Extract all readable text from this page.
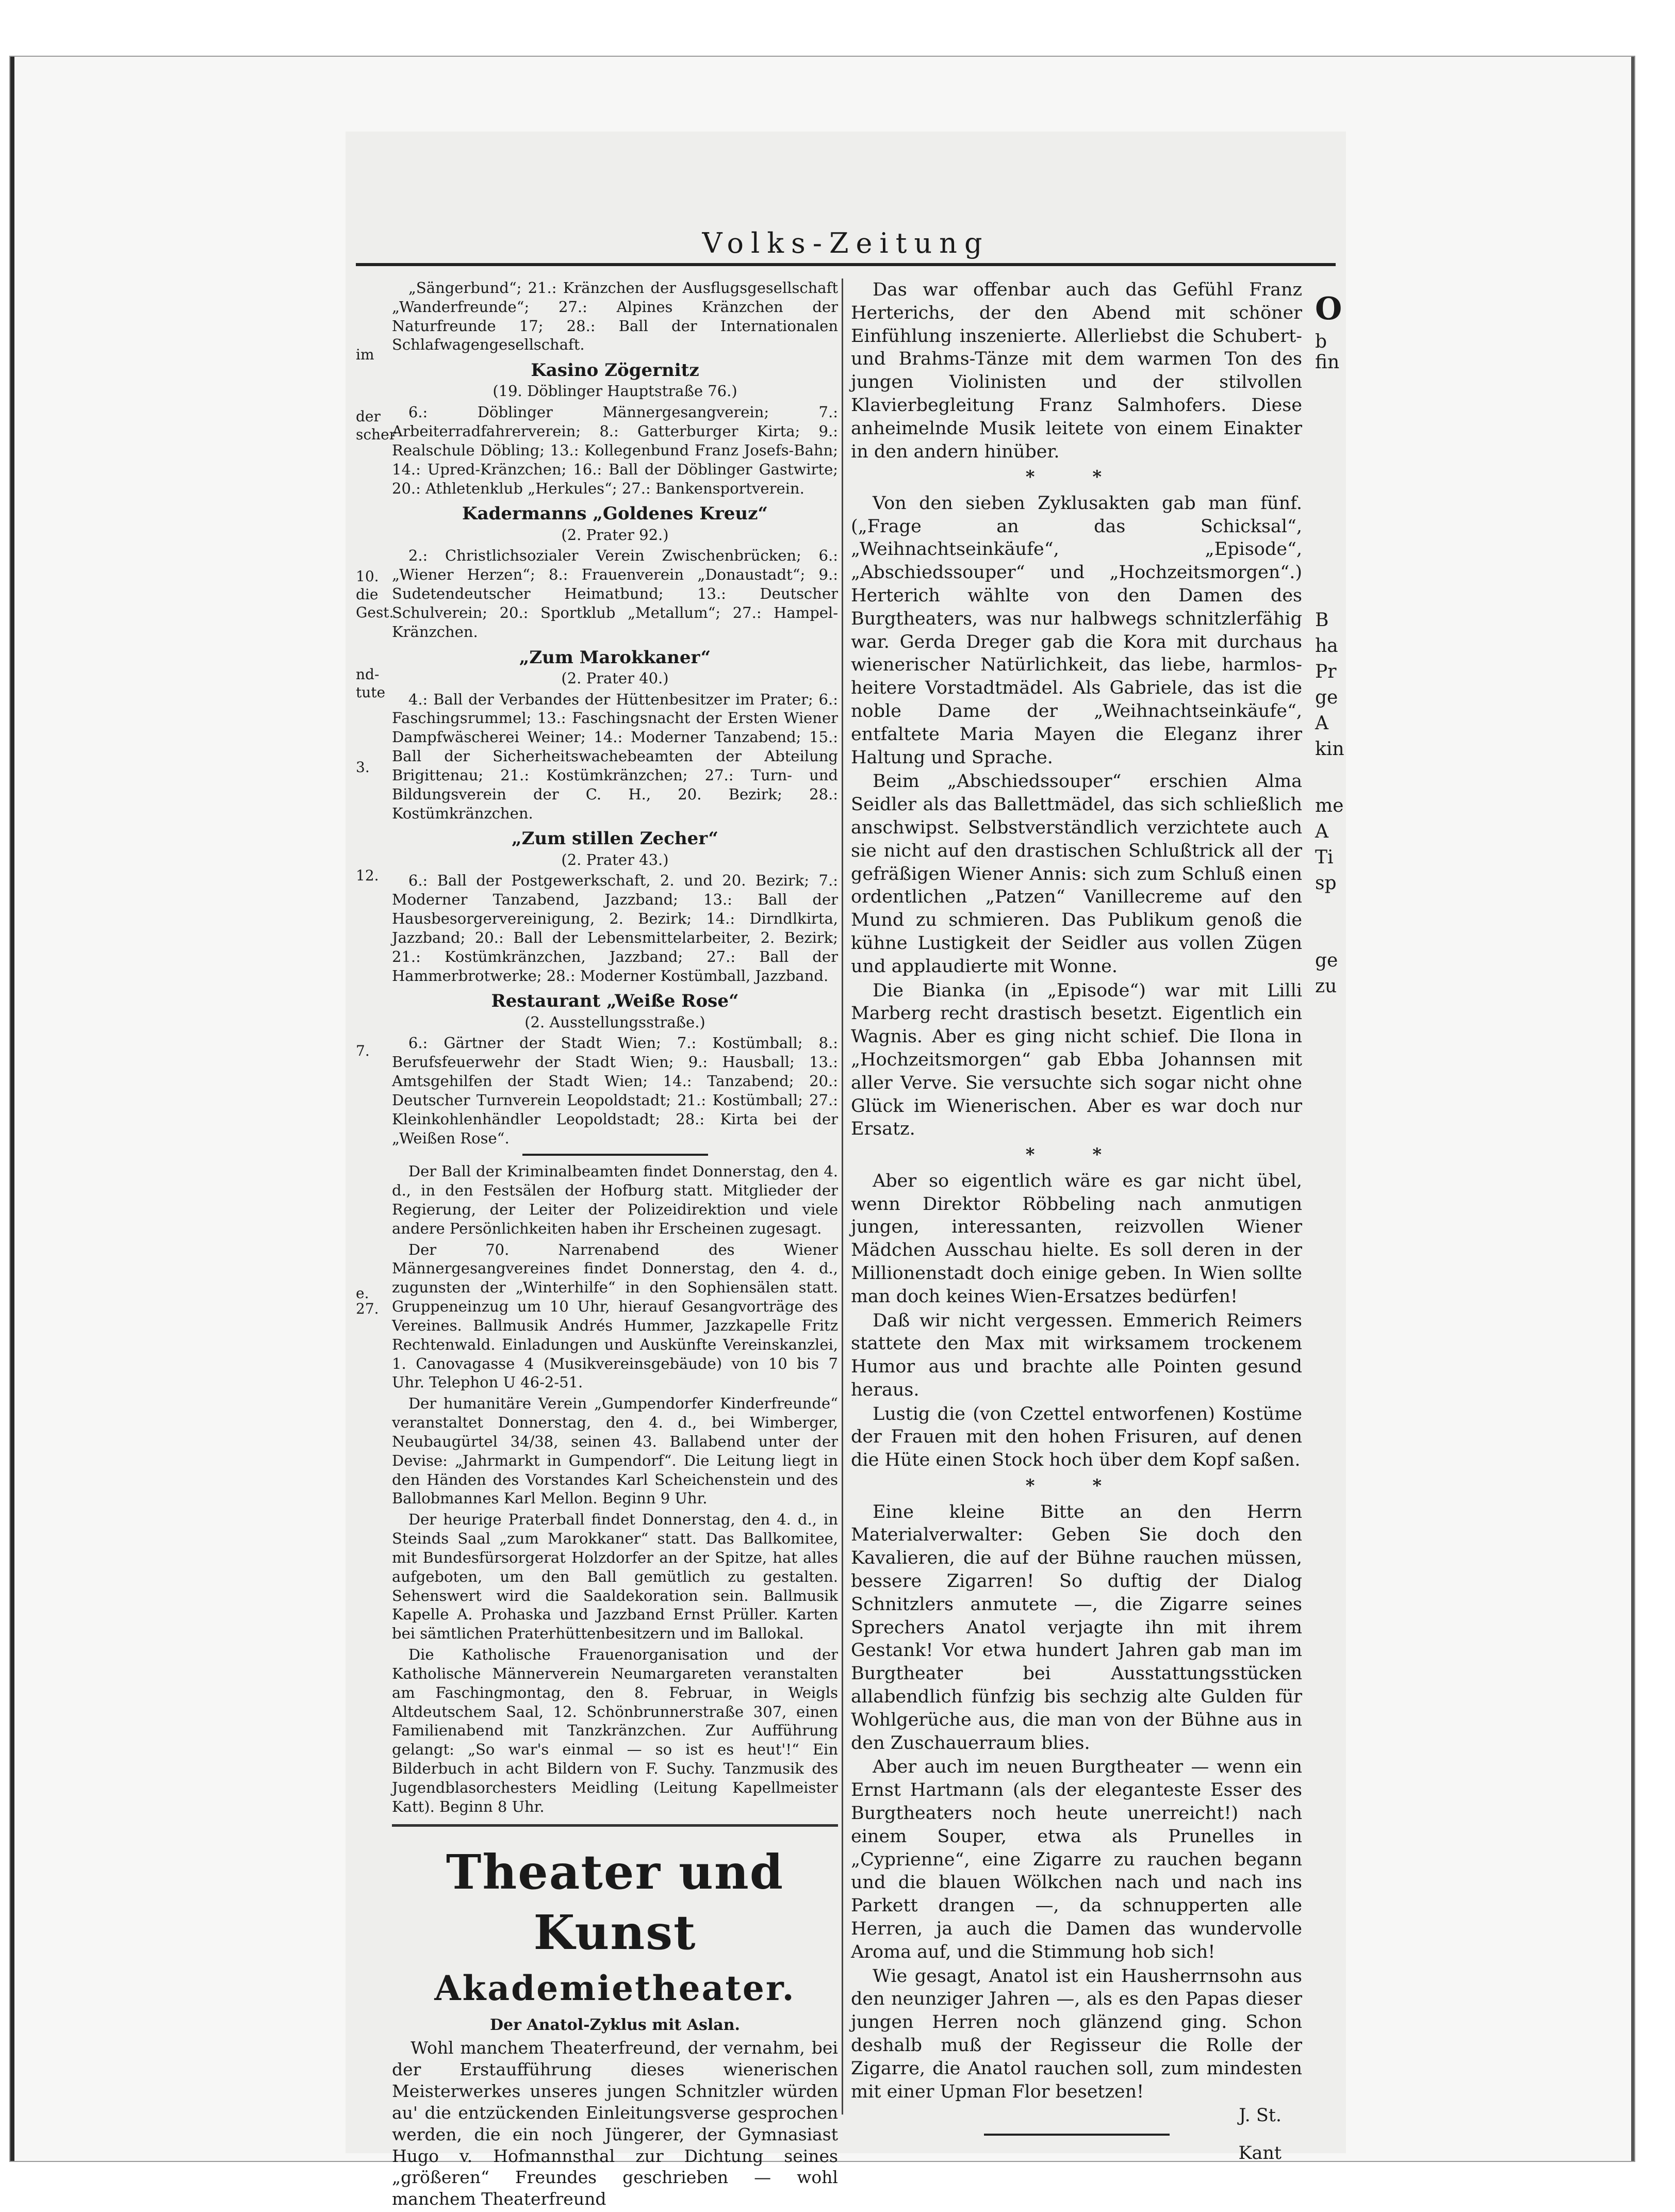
Volks-Zeitung
im
der
scher
10.
die
Gest.
nd-
tute
3.
12.
7.
e.
27.
O
b
fin
B
ha
Pr
ge
A
kin
me
A
Ti
sp
ge
zu

„Sängerbund“; 21.: Kränzchen der Ausflugsgesellschaft „Wanderfreunde“; 27.: Alpines Kränzchen der Naturfreunde 17; 28.: Ball der Internationalen Schlafwagengesellschaft.

Kasino Zögernitz
(19. Döblinger Hauptstraße 76.)

6.: Döblinger Männergesangverein; 7.: Arbeiterradfahrerverein; 8.: Gatterburger Kirta; 9.: Realschule Döbling; 13.: Kollegenbund Franz Josefs-Bahn; 14.: Upred-Kränzchen; 16.: Ball der Döblinger Gastwirte; 20.: Athletenklub „Herkules“; 27.: Bankensportverein.

Kadermanns „Goldenes Kreuz“
(2. Prater 92.)

2.: Christlichsozialer Verein Zwischenbrücken; 6.: „Wiener Herzen“; 8.: Frauenverein „Donaustadt“; 9.: Sudetendeutscher Heimatbund; 13.: Deutscher Schulverein; 20.: Sportklub „Metallum“; 27.: Hampel-Kränzchen.

„Zum Marokkaner“
(2. Prater 40.)

4.: Ball der Verbandes der Hüttenbesitzer im Prater; 6.: Faschingsrummel; 13.: Faschingsnacht der Ersten Wiener Dampfwäscherei Weiner; 14.: Moderner Tanzabend; 15.: Ball der Sicherheitswachebeamten der Abteilung Brigittenau; 21.: Kostümkränzchen; 27.: Turn- und Bildungsverein der C. H., 20. Bezirk; 28.: Kostümkränzchen.

„Zum stillen Zecher“
(2. Prater 43.)

6.: Ball der Postgewerkschaft, 2. und 20. Bezirk; 7.: Moderner Tanzabend, Jazzband; 13.: Ball der Hausbesorgervereinigung, 2. Bezirk; 14.: Dirndlkirta, Jazzband; 20.: Ball der Lebensmittelarbeiter, 2. Bezirk; 21.: Kostümkränzchen, Jazzband; 27.: Ball der Hammerbrotwerke; 28.: Moderner Kostümball, Jazzband.

Restaurant „Weiße Rose“
(2. Ausstellungsstraße.)

6.: Gärtner der Stadt Wien; 7.: Kostümball; 8.: Berufsfeuerwehr der Stadt Wien; 9.: Hausball; 13.: Amtsgehilfen der Stadt Wien; 14.: Tanzabend; 20.: Deutscher Turnverein Leopoldstadt; 21.: Kostümball; 27.: Kleinkohlenhändler Leopoldstadt; 28.: Kirta bei der „Weißen Rose“.

Der Ball der Kriminalbeamten findet Donnerstag, den 4. d., in den Festsälen der Hofburg statt. Mitglieder der Regierung, der Leiter der Polizeidirektion und viele andere Persönlichkeiten haben ihr Erscheinen zugesagt.

Der 70. Narrenabend des Wiener Männergesangvereines findet Donnerstag, den 4. d., zugunsten der „Winterhilfe“ in den Sophiensälen statt. Gruppeneinzug um 10 Uhr, hierauf Gesangvorträge des Vereines. Ballmusik Andrés Hummer, Jazzkapelle Fritz Rechtenwald. Einladungen und Auskünfte Vereinskanzlei, 1. Canovagasse 4 (Musikvereinsgebäude) von 10 bis 7 Uhr. Telephon U 46-2-51.

Der humanitäre Verein „Gumpendorfer Kinderfreunde“ veranstaltet Donnerstag, den 4. d., bei Wimberger, Neubaugürtel 34/38, seinen 43. Ballabend unter der Devise: „Jahrmarkt in Gumpendorf“. Die Leitung liegt in den Händen des Vorstandes Karl Scheichenstein und des Ballobmannes Karl Mellon. Beginn 9 Uhr.

Der heurige Praterball findet Donnerstag, den 4. d., in Steinds Saal „zum Marokkaner“ statt. Das Ballkomitee, mit Bundesfürsorgerat Holzdorfer an der Spitze, hat alles aufgeboten, um den Ball gemütlich zu gestalten. Sehenswert wird die Saaldekoration sein. Ballmusik Kapelle A. Prohaska und Jazzband Ernst Prüller. Karten bei sämtlichen Praterhüttenbesitzern und im Ballokal.

Die Katholische Frauenorganisation und der Katholische Männerverein Neumargareten veranstalten am Faschingmontag, den 8. Februar, in Weigls Altdeutschem Saal, 12. Schönbrunnerstraße 307, einen Familienabend mit Tanzkränzchen. Zur Aufführung gelangt: „So war's einmal — so ist es heut'!“ Ein Bilderbuch in acht Bildern von F. Suchy. Tanzmusik des Jugendblasorchesters Meidling (Leitung Kapellmeister Katt). Beginn 8 Uhr.

Theater und Kunst
Akademietheater.
Der Anatol-Zyklus mit Aslan.

Wohl manchem Theaterfreund, der vernahm, bei der Erstaufführung dieses wienerischen Meisterwerkes unseres jungen Schnitzler würden au' die entzückenden Einleitungsverse gesprochen werden, die ein noch Jüngerer, der Gymnasiast Hugo v. Hofmannsthal zur Dichtung seines „größeren“ Freundes geschrieben — wohl manchem Theaterfreund

Das war offenbar auch das Gefühl Franz Herterichs, der den Abend mit schöner Einfühlung inszenierte. Allerliebst die Schubert- und Brahms-Tänze mit dem warmen Ton des jungen Violinisten und der stilvollen Klavierbegleitung Franz Salmhofers. Diese anheimelnde Musik leitete von einem Einakter in den andern hinüber.

* *

Von den sieben Zyklusakten gab man fünf. („Frage an das Schicksal“, „Weihnachtseinkäufe“, „Episode“, „Abschiedssouper“ und „Hochzeitsmorgen“.) Herterich wählte von den Damen des Burgtheaters, was nur halbwegs schnitzlerfähig war. Gerda Dreger gab die Kora mit durchaus wienerischer Natürlichkeit, das liebe, harmlos-heitere Vorstadtmädel. Als Gabriele, das ist die noble Dame der „Weihnachtseinkäufe“, entfaltete Maria Mayen die Eleganz ihrer Haltung und Sprache.

Beim „Abschiedssouper“ erschien Alma Seidler als das Ballettmädel, das sich schließlich anschwipst. Selbstverständlich verzichtete auch sie nicht auf den drastischen Schlußtrick all der gefräßigen Wiener Annis: sich zum Schluß einen ordentlichen „Patzen“ Vanillecreme auf den Mund zu schmieren. Das Publikum genoß die kühne Lustigkeit der Seidler aus vollen Zügen und applaudierte mit Wonne.

Die Bianka (in „Episode“) war mit Lilli Marberg recht drastisch besetzt. Eigentlich ein Wagnis. Aber es ging nicht schief. Die Ilona in „Hochzeitsmorgen“ gab Ebba Johannsen mit aller Verve. Sie versuchte sich sogar nicht ohne Glück im Wienerischen. Aber es war doch nur Ersatz.

* *

Aber so eigentlich wäre es gar nicht übel, wenn Direktor Röbbeling nach anmutigen jungen, interessanten, reizvollen Wiener Mädchen Ausschau hielte. Es soll deren in der Millionenstadt doch einige geben. In Wien sollte man doch keines Wien-Ersatzes bedürfen!

Daß wir nicht vergessen. Emmerich Reimers stattete den Max mit wirksamem trockenem Humor aus und brachte alle Pointen gesund heraus.

Lustig die (von Czettel entworfenen) Kostüme der Frauen mit den hohen Frisuren, auf denen die Hüte einen Stock hoch über dem Kopf saßen.

* *

Eine kleine Bitte an den Herrn Materialverwalter: Geben Sie doch den Kavalieren, die auf der Bühne rauchen müssen, bessere Zigarren! So duftig der Dialog Schnitzlers anmutete —, die Zigarre seines Sprechers Anatol verjagte ihn mit ihrem Gestank! Vor etwa hundert Jahren gab man im Burgtheater bei Ausstattungsstücken allabendlich fünfzig bis sechzig alte Gulden für Wohlgerüche aus, die man von der Bühne aus in den Zuschauerraum blies.

Aber auch im neuen Burgtheater — wenn ein Ernst Hartmann (als der eleganteste Esser des Burgtheaters noch heute unerreicht!) nach einem Souper, etwa als Prunelles in „Cyprienne“, eine Zigarre zu rauchen begann und die blauen Wölkchen nach und nach ins Parkett drangen —, da schnupperten alle Herren, ja auch die Damen das wundervolle Aroma auf, und die Stimmung hob sich!

Wie gesagt, Anatol ist ein Hausherrnsohn aus den neunziger Jahren —, als es den Papas dieser jungen Herren noch glänzend ging. Schon deshalb muß der Regisseur die Rolle der Zigarre, die Anatol rauchen soll, zum mindesten mit einer Upman Flor besetzen!

J. St.
Kant
